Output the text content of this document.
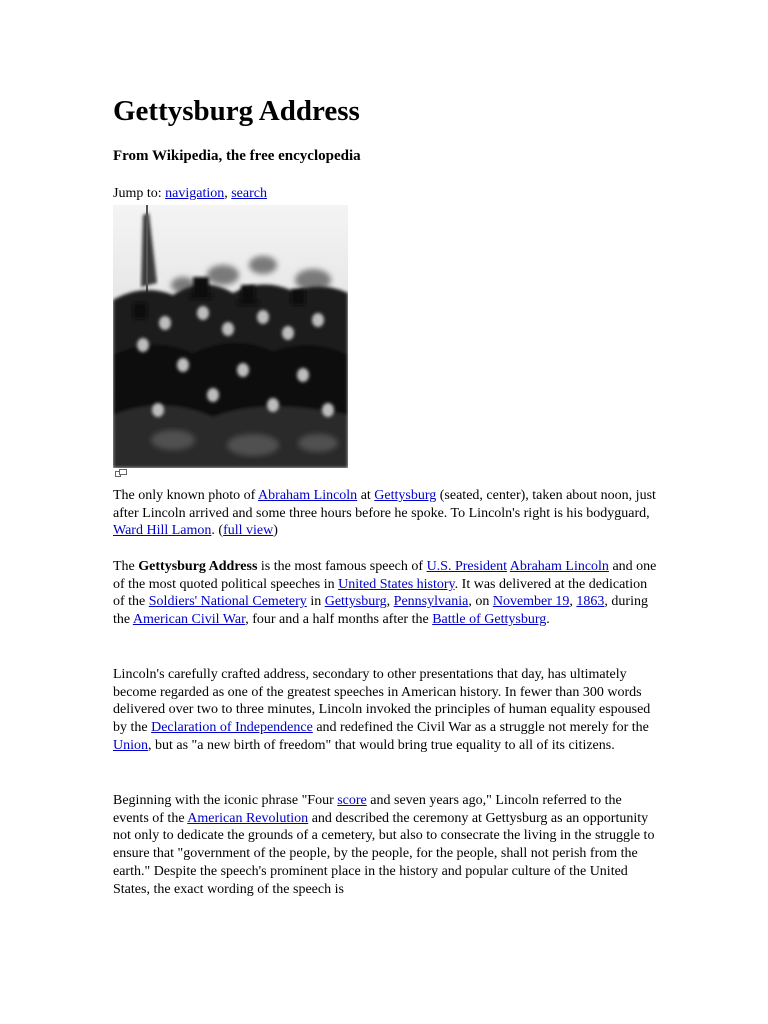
Gettysburg Address
From Wikipedia, the free encyclopedia
Jump to: navigation, search

The only known photo of Abraham Lincoln at Gettysburg (seated, center), taken about noon, just after Lincoln arrived and some three hours before he spoke. To Lincoln's right is his bodyguard, Ward Hill Lamon. (full view)

The Gettysburg Address is the most famous speech of U.S. President Abraham Lincoln and one of the most quoted political speeches in United States history. It was delivered at the dedication of the Soldiers' National Cemetery in Gettysburg, Pennsylvania, on November 19, 1863, during the American Civil War, four and a half months after the Battle of Gettysburg.

Lincoln's carefully crafted address, secondary to other presentations that day, has ultimately become regarded as one of the greatest speeches in American history. In fewer than 300 words delivered over two to three minutes, Lincoln invoked the principles of human equality espoused by the Declaration of Independence and redefined the Civil War as a struggle not merely for the Union, but as "a new birth of freedom" that would bring true equality to all of its citizens.

Beginning with the iconic phrase "Four score and seven years ago," Lincoln referred to the events of the American Revolution and described the ceremony at Gettysburg as an opportunity not only to dedicate the grounds of a cemetery, but also to consecrate the living in the struggle to ensure that "government of the people, by the people, for the people, shall not perish from the earth." Despite the speech's prominent place in the history and popular culture of the United States, the exact wording of the speech is
